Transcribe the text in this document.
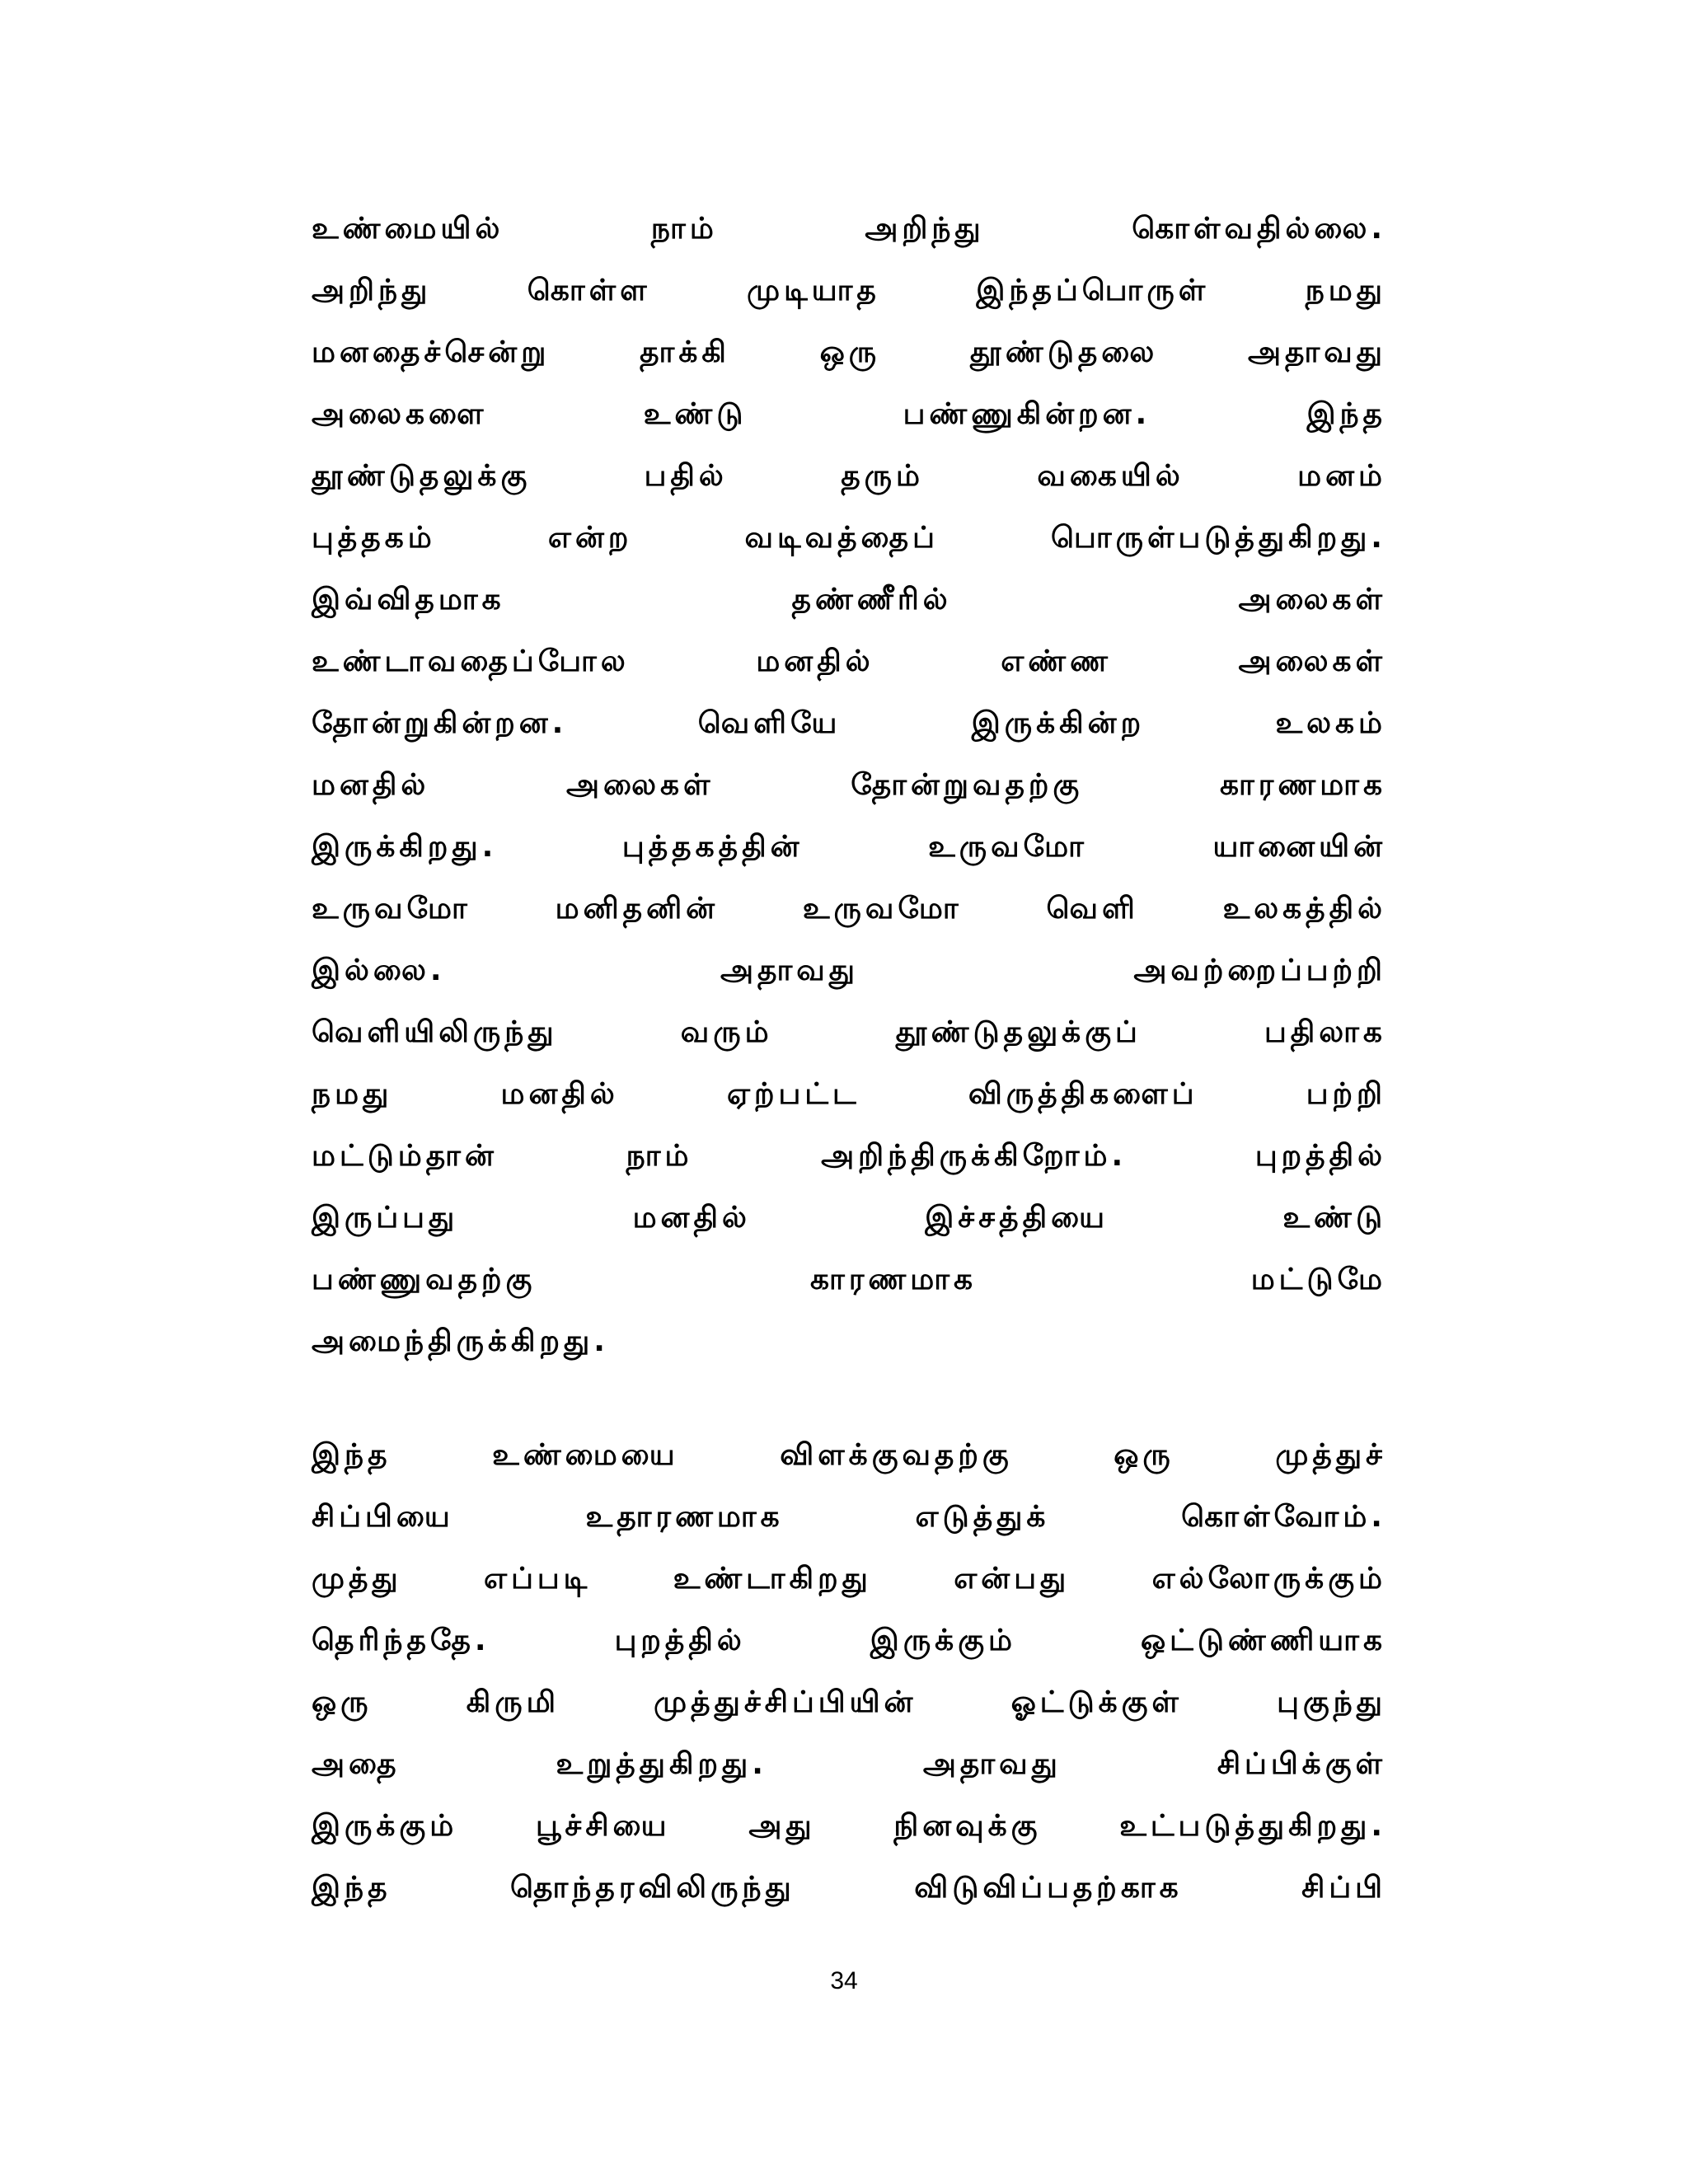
உண்மையில்	நாம்	அறிந்து	கொள்வதில்லை.
அறிந்து	கொள்ள	முடியாத	இந்தப்பொருள்	நமது
மனதைச்சென்று	தாக்கி	ஒரு	தூண்டுதலை	அதாவது
அலைகளை	உண்டு	பண்ணுகின்றன.	இந்த
தூண்டுதலுக்கு	பதில்	தரும்	வகையில்	மனம்
புத்தகம்	என்ற	வடிவத்தைப்	பொருள்படுத்துகிறது.
இவ்விதமாக	தண்ணீரில்	அலைகள்
உண்டாவதைப்போல	மனதில்	எண்ண	அலைகள்
தோன்றுகின்றன.	வெளியே	இருக்கின்ற	உலகம்
மனதில்	அலைகள்	தோன்றுவதற்கு	காரணமாக
இருக்கிறது.	புத்தகத்தின்	உருவமோ	யானையின்
உருவமோ	மனிதனின்	உருவமோ	வெளி	உலகத்தில்
இல்லை.	அதாவது	அவற்றைப்பற்றி
வெளியிலிருந்து	வரும்	தூண்டுதலுக்குப்	பதிலாக
நமது	மனதில்	ஏற்பட்ட	விருத்திகளைப்	பற்றி
மட்டும்தான்	நாம்	அறிந்திருக்கிறோம்.	புறத்தில்
இருப்பது	மனதில்	இச்சத்தியை	உண்டு
பண்ணுவதற்கு	காரணமாக	மட்டுமே
அமைந்திருக்கிறது.
இந்த	உண்மையை	விளக்குவதற்கு	ஒரு	முத்துச்
சிப்பியை	உதாரணமாக	எடுத்துக்	கொள்வோம்.
முத்து	எப்படி	உண்டாகிறது	என்பது	எல்லோருக்கும்
தெரிந்ததே.	புறத்தில்	இருக்கும்	ஒட்டுண்ணியாக
ஒரு	கிருமி	முத்துச்சிப்பியின்	ஓட்டுக்குள்	புகுந்து
அதை	உறுத்துகிறது.	அதாவது	சிப்பிக்குள்
இருக்கும்	பூச்சியை	அது	நினவுக்கு	உட்படுத்துகிறது.
இந்த	தொந்தரவிலிருந்து	விடுவிப்பதற்காக	சிப்பி
34
